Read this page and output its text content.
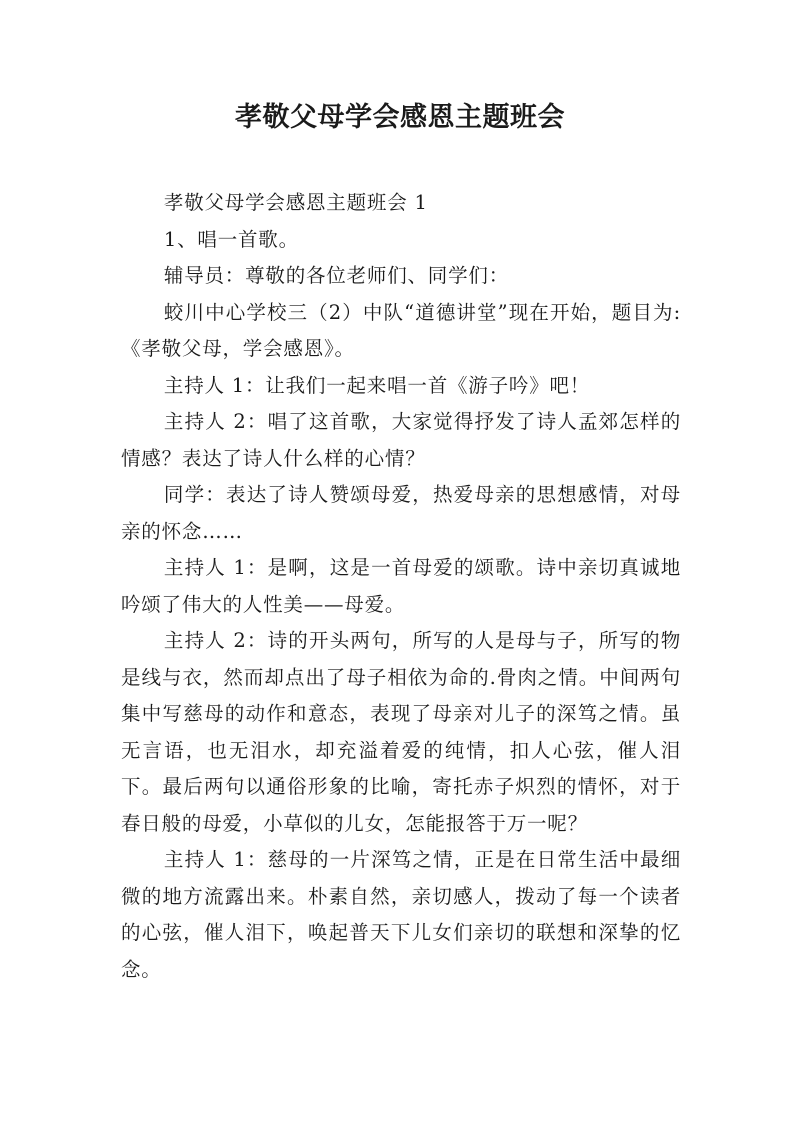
孝敬父母学会感恩主题班会

孝敬父母学会感恩主题班会 1

1、唱一首歌。

辅导员：尊敬的各位老师们、同学们：

蛟川中心学校三（2）中队“道德讲堂”现在开始，题目为:《孝敬父母，学会感恩》。

主持人 1：让我们一起来唱一首《游子吟》吧！

主持人 2：唱了这首歌，大家觉得抒发了诗人孟郊怎样的情感？表达了诗人什么样的心情？

同学：表达了诗人赞颂母爱，热爱母亲的思想感情，对母亲的怀念……

主持人 1：是啊，这是一首母爱的颂歌。诗中亲切真诚地吟颂了伟大的人性美——母爱。

主持人 2：诗的开头两句，所写的人是母与子，所写的物是线与衣，然而却点出了母子相依为命的.骨肉之情。中间两句集中写慈母的动作和意态，表现了母亲对儿子的深笃之情。虽无言语，也无泪水，却充溢着爱的纯情，扣人心弦，催人泪下。最后两句以通俗形象的比喻，寄托赤子炽烈的情怀，对于春日般的母爱，小草似的儿女，怎能报答于万一呢？

主持人 1：慈母的一片深笃之情，正是在日常生活中最细微的地方流露出来。朴素自然，亲切感人，拨动了每一个读者的心弦，催人泪下，唤起普天下儿女们亲切的联想和深挚的忆念。
